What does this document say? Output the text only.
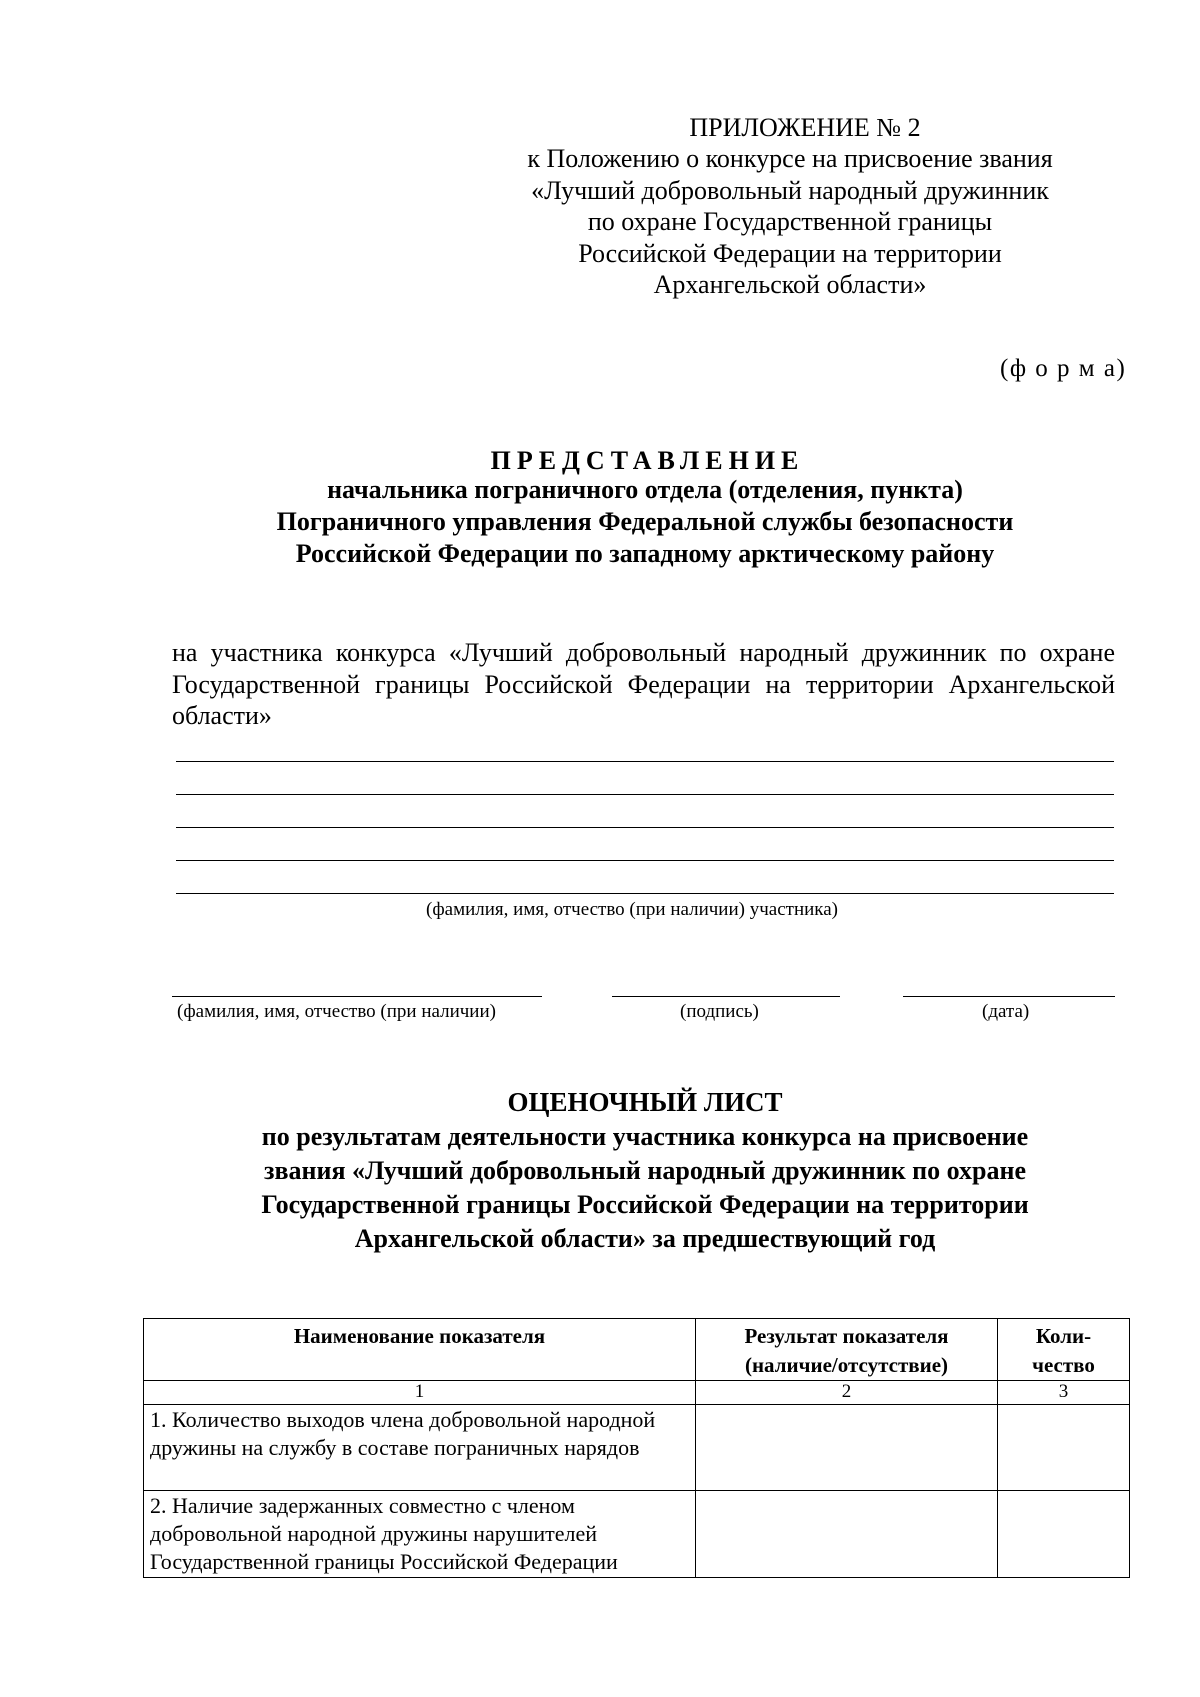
ПРИЛОЖЕНИЕ № 2
к Положению о конкурсе на присвоение звания
«Лучший добровольный народный дружинник
по охране Государственной границы
Российской Федерации на территории
Архангельской области»
(ф о р м а)
ПРЕДСТАВЛЕНИЕ
начальника пограничного отдела (отделения, пункта)
Пограничного управления Федеральной службы безопасности
Российской Федерации по западному арктическому району
на участника конкурса «Лучший добровольный народный дружинник по охране Государственной границы Российской Федерации на территории Архангельской области»
(фамилия, имя, отчество (при наличии) участника)
(фамилия, имя, отчество (при наличии)	(подпись)	(дата)
ОЦЕНОЧНЫЙ ЛИСТ
по результатам деятельности участника конкурса на присвоение
звания «Лучший добровольный народный дружинник по охране
Государственной границы Российской Федерации на территории
Архангельской области» за предшествующий год
Наименование показателя	Результат показателя (наличие/отсутствие)	Коли-чество
1	2	3
1. Количество выходов члена добровольной народной дружины на службу в составе пограничных нарядов		
2. Наличие задержанных совместно с членом добровольной народной дружины нарушителей Государственной границы Российской Федерации		
